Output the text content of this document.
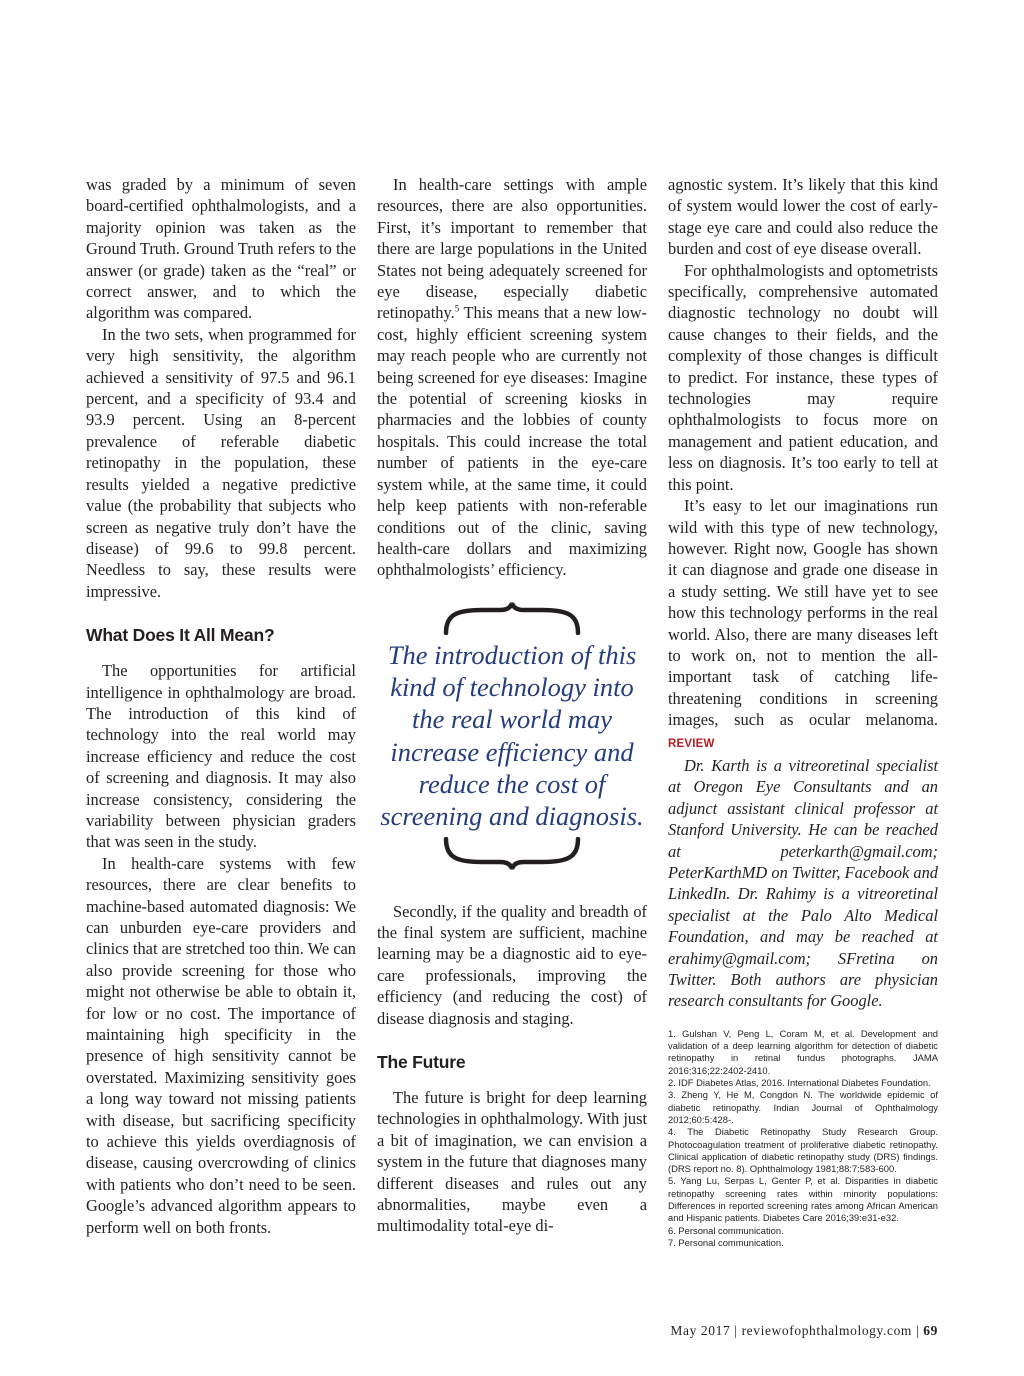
was graded by a minimum of seven board-certified ophthalmologists, and a majority opinion was taken as the Ground Truth. Ground Truth refers to the answer (or grade) taken as the “real” or correct answer, and to which the algorithm was compared.

In the two sets, when programmed for very high sensitivity, the algorithm achieved a sensitivity of 97.5 and 96.1 percent, and a specificity of 93.4 and 93.9 percent. Using an 8-percent prevalence of referable diabetic retinopathy in the population, these results yielded a negative predictive value (the probability that subjects who screen as negative truly don’t have the disease) of 99.6 to 99.8 percent. Needless to say, these results were impressive.

What Does It All Mean?

The opportunities for artificial intelligence in ophthalmology are broad. The introduction of this kind of technology into the real world may increase efficiency and reduce the cost of screening and diagnosis. It may also increase consistency, considering the variability between physician graders that was seen in the study.

In health-care systems with few resources, there are clear benefits to machine-based automated diagnosis: We can unburden eye-care providers and clinics that are stretched too thin. We can also provide screening for those who might not otherwise be able to obtain it, for low or no cost. The importance of maintaining high specificity in the presence of high sensitivity cannot be overstated. Maximizing sensitivity goes a long way toward not missing patients with disease, but sacrificing specificity to achieve this yields overdiagnosis of disease, causing overcrowding of clinics with patients who don’t need to be seen. Google’s advanced algorithm appears to perform well on both fronts.

In health-care settings with ample resources, there are also opportunities. First, it’s important to remember that there are large populations in the United States not being adequately screened for eye disease, especially diabetic retinopathy.$^5$ This means that a new low-cost, highly efficient screening system may reach people who are currently not being screened for eye diseases: Imagine the potential of screening kiosks in pharmacies and the lobbies of county hospitals. This could increase the total number of patients in the eye-care system while, at the same time, it could help keep patients with non-referable conditions out of the clinic, saving health-care dollars and maximizing ophthalmologists’ efficiency.

The introduction of this kind of technology into the real world may increase efficiency and reduce the cost of screening and diagnosis.

Secondly, if the quality and breadth of the final system are sufficient, machine learning may be a diagnostic aid to eye-care professionals, improving the efficiency (and reducing the cost) of disease diagnosis and staging.

The Future

The future is bright for deep learning technologies in ophthalmology. With just a bit of imagination, we can envision a system in the future that diagnoses many different diseases and rules out any abnormalities, maybe even a multimodality total-eye di-

agnostic system. It’s likely that this kind of system would lower the cost of early-stage eye care and could also reduce the burden and cost of eye disease overall.

For ophthalmologists and optometrists specifically, comprehensive automated diagnostic technology no doubt will cause changes to their fields, and the complexity of those changes is difficult to predict. For instance, these types of technologies may require ophthalmologists to focus more on management and patient education, and less on diagnosis. It’s too early to tell at this point.

It’s easy to let our imaginations run wild with this type of new technology, however. Right now, Google has shown it can diagnose and grade one disease in a study setting. We still have yet to see how this technology performs in the real world. Also, there are many diseases left to work on, not to mention the all-important task of catching life-threatening conditions in screening images, such as ocular melanoma. REVIEW

Dr. Karth is a vitreoretinal specialist at Oregon Eye Consultants and an adjunct assistant clinical professor at Stanford University. He can be reached at peterkarth@gmail.com; PeterKarthMD on Twitter, Facebook and LinkedIn. Dr. Rahimy is a vitreoretinal specialist at the Palo Alto Medical Foundation, and may be reached at erahimy@gmail.com; SFretina on Twitter. Both authors are physician research consultants for Google.

1. Gulshan V, Peng L, Coram M, et al. Development and validation of a deep learning algorithm for detection of diabetic retinopathy in retinal fundus photographs. JAMA 2016;316;22:2402-2410.
2. IDF Diabetes Atlas, 2016. International Diabetes Foundation.
3. Zheng Y, He M, Congdon N. The worldwide epidemic of diabetic retinopathy. Indian Journal of Ophthalmology 2012;60:5:428-.
4. The Diabetic Retinopathy Study Research Group. Photocoagulation treatment of proliferative diabetic retinopathy. Clinical application of diabetic retinopathy study (DRS) findings. (DRS report no. 8). Ophthalmology 1981;88:7:583-600.
5. Yang Lu, Serpas L, Genter P, et al. Disparities in diabetic retinopathy screening rates within minority populations: Differences in reported screening rates among African American and Hispanic patients. Diabetes Care 2016;39:e31-e32.
6. Personal communication.
7. Personal communication.
May 2017 | reviewofophthalmology.com | 69
